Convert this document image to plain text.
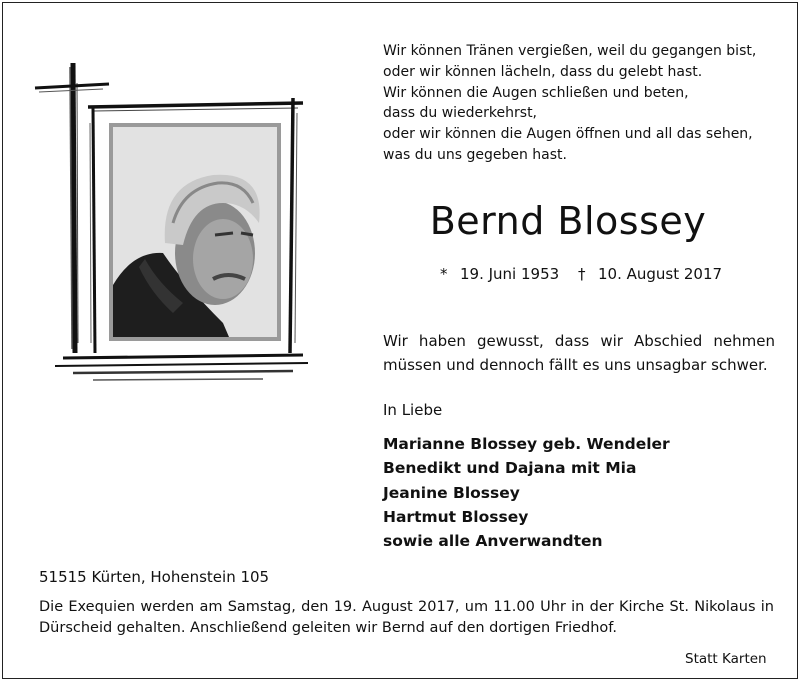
Wir können Tränen vergießen, weil du gegangen bist,
oder wir können lächeln, dass du gelebt hast.
Wir können die Augen schließen und beten,
dass du wiederkehrst,
oder wir können die Augen öffnen und all das sehen,
was du uns gegeben hast.
Bernd Blossey
* 19. Juni 1953 † 10. August 2017
Wir haben gewusst, dass wir Abschied nehmen müssen und dennoch fällt es uns unsagbar schwer.
In Liebe
Marianne Blossey geb. Wendeler
Benedikt und Dajana mit Mia
Jeanine Blossey
Hartmut Blossey
sowie alle Anverwandten
51515 Kürten, Hohenstein 105
Die Exequien werden am Samstag, den 19. August 2017, um 11.00 Uhr in der Kirche St. Nikolaus in Dürscheid gehalten. Anschließend geleiten wir Bernd auf den dortigen Friedhof.
Statt Karten
